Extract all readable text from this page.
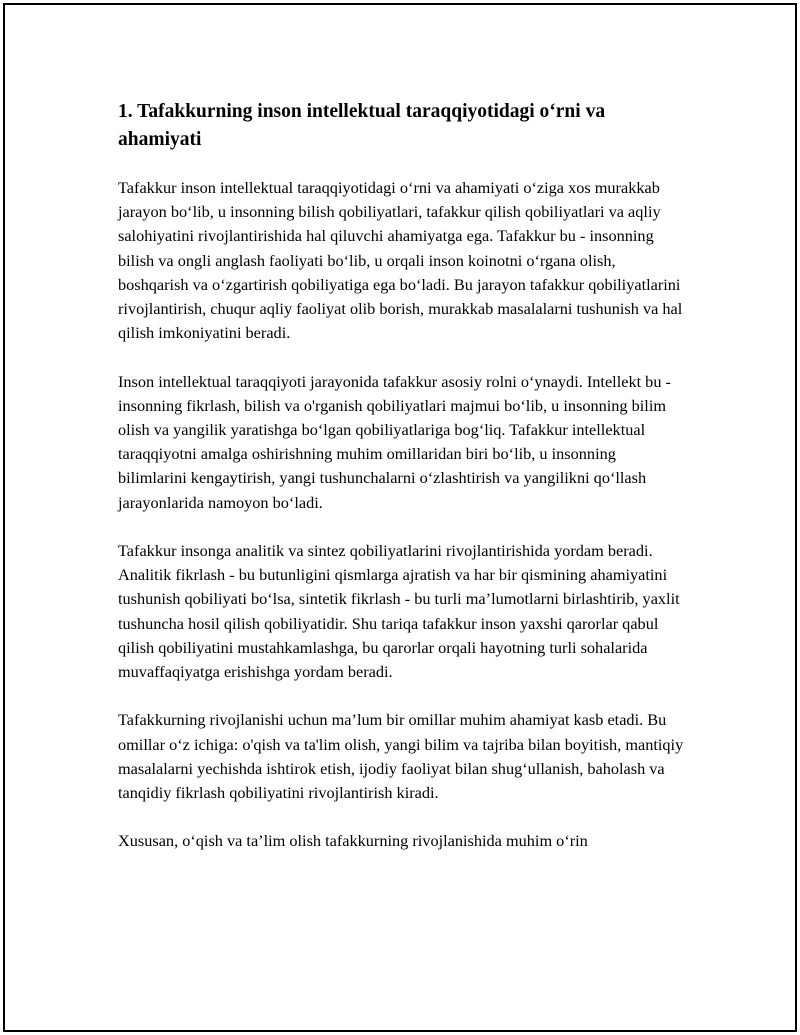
1. Tafakkurning inson intellektual taraqqiyotidagi o‘rni va ahamiyati

Tafakkur inson intellektual taraqqiyotidagi o‘rni va ahamiyati o‘ziga xos murakkab jarayon bo‘lib, u insonning bilish qobiliyatlari, tafakkur qilish qobiliyatlari va aqliy salohiyatini rivojlantirishida hal qiluvchi ahamiyatga ega. Tafakkur bu - insonning bilish va ongli anglash faoliyati bo‘lib, u orqali inson koinotni o‘rgana olish, boshqarish va o‘zgartirish qobiliyatiga ega bo‘ladi. Bu jarayon tafakkur qobiliyatlarini rivojlantirish, chuqur aqliy faoliyat olib borish, murakkab masalalarni tushunish va hal qilish imkoniyatini beradi.

Inson intellektual taraqqiyoti jarayonida tafakkur asosiy rolni o‘ynaydi. Intellekt bu - insonning fikrlash, bilish va o'rganish qobiliyatlari majmui bo‘lib, u insonning bilim olish va yangilik yaratishga bo‘lgan qobiliyatlariga bog‘liq. Tafakkur intellektual taraqqiyotni amalga oshirishning muhim omillaridan biri bo‘lib, u insonning bilimlarini kengaytirish, yangi tushunchalarni o‘zlashtirish va yangilikni qo‘llash jarayonlarida namoyon bo‘ladi.

Tafakkur insonga analitik va sintez qobiliyatlarini rivojlantirishida yordam beradi. Analitik fikrlash - bu butunligini qismlarga ajratish va har bir qismining ahamiyatini tushunish qobiliyati bo‘lsa, sintetik fikrlash - bu turli ma’lumotlarni birlashtirib, yaxlit tushuncha hosil qilish qobiliyatidir. Shu tariqa tafakkur inson yaxshi qarorlar qabul qilish qobiliyatini mustahkamlashga, bu qarorlar orqali hayotning turli sohalarida muvaffaqiyatga erishishga yordam beradi.

Tafakkurning rivojlanishi uchun ma’lum bir omillar muhim ahamiyat kasb etadi. Bu omillar o‘z ichiga: o'qish va ta'lim olish, yangi bilim va tajriba bilan boyitish, mantiqiy masalalarni yechishda ishtirok etish, ijodiy faoliyat bilan shug‘ullanish, baholash va tanqidiy fikrlash qobiliyatini rivojlantirish kiradi.

Xususan, o‘qish va ta’lim olish tafakkurning rivojlanishida muhim o‘rin
